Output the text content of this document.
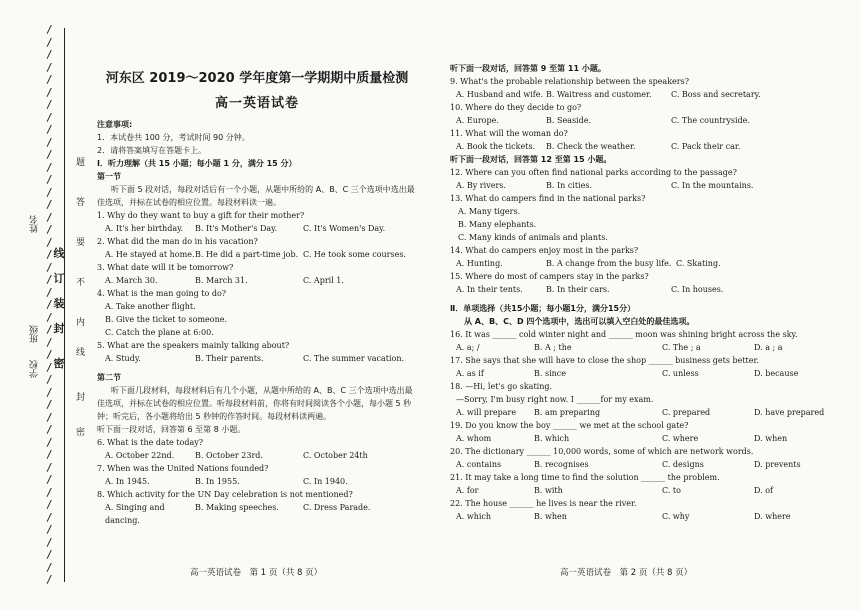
/
/
/
/
/
/
/
/
/
/
/
/
/
/
/
/
/
/
/
/
/
/
/
/
/
/
/
/
/
/
/
/
/
/
/
/
/
/
/
/
/
/
/
/
/
线
订
装
封
密
题
答
要
不
内
线
封
密
姓名
班级
学校

河东区 2019～2020 学年度第一学期期中质量检测

高一英语试卷

注意事项:
1．本试卷共 100 分，考试时间 90 分钟。
2．请将答案填写在答题卡上。
Ⅰ．听力理解（共 15 小题；每小题 1 分，满分 15 分）
第一节
听下面 5 段对话，每段对话后有一个小题，从题中所给的 A、B、C 三个选项中选出最佳选项，并标在试卷的相应位置。每段材料读一遍。

1. Why do they want to buy a gift for their mother?

A. It's her birthday.	B. It's Mother's Day.	C. It's Women's Day.

2. What did the man do in his vacation?

A. He stayed at home. B. He did a part-time job. C. He took some courses.

3. What date will it be tomorrow?

A. March 30.	B. March 31.	C. April 1.

4. What is the man going to do?

A. Take another flight.
B. Give the ticket to someone.
C. Catch the plane at 6:00.

5. What are the speakers mainly talking about?

A. Study.	B. Their parents.	C. The summer vacation.
第二节
听下面几段材料，每段材料后有几个小题，从题中所给的 A、B、C 三个选项中选出最佳选项，并标在试卷的相应位置。听每段材料前，你将有时间阅读各个小题，每小题 5 秒钟；听完后，各小题将给出 5 秒钟的作答时间。每段材料读两遍。
听下面一段对话，回答第 6 至第 8 小题。

6. What is the date today?

A. October 22nd.	B. October 23rd.	C. October 24th

7. When was the United Nations founded?

A. In 1945.	B. In 1955.	C. In 1940.

8. Which activity for the UN Day celebration is not mentioned?

A. Singing and dancing.
B. Making speeches.	C. Dress Parade.
听下面一段对话，回答第 9 至第 11 小题。

9. What's the probable relationship between the speakers?

A. Husband and wife. B. Waitress and customer.	C. Boss and secretary.

10. Where do they decide to go?

A. Europe.	B. Seaside.	C. The countryside.

11. What will the woman do?

A. Book the tickets.	B. Check the weather.	C. Pack their car.
听下面一段对话，回答第 12 至第 15 小题。

12. Where can you often find national parks according to the passage?

A. By rivers.	B. In cities.	C. In the mountains.

13. What do campers find in the national parks?

A. Many tigers.
B. Many elephants.
C. Many kinds of animals and plants.

14. What do campers enjoy most in the parks?

A. Hunting.	B. A change from the busy life. C. Skating.

15. Where do most of campers stay in the parks?

A. In their tents.	B. In their cars.	C. In houses.
Ⅱ．单项选择（共15小题；每小题1分，满分15分）
从 A、B、C、D 四个选项中，选出可以填入空白处的最佳选项。

16. It was ______ cold winter night and ______ moon was shining bright across the sky.

A. a; /	B. A ; the	C. The ; a	D. a ; a

17. She says that she will have to close the shop ______ business gets better.

A. as if	B. since	C. unless	D. because

18. —Hi, let's go skating.

—Sorry, I'm busy right now. I ______for my exam.

A. will prepare	B. am preparing	C. prepared	D. have prepared

19. Do you know the boy ______ we met at the school gate?

A. whom	B. which	C. where	D. when

20. The dictionary ______ 10,000 words, some of which are network words.

A. contains	B. recognises	C. designs	D. prevents

21. It may take a long time to find the solution ______ the problem.

A. for	B. with	C. to	D. of

22. The house ______ he lives is near the river.

A. which	B. when	C. why	D. where
高一英语试卷　第 1 页（共 8 页）	高一英语试卷　第 2 页（共 8 页）
